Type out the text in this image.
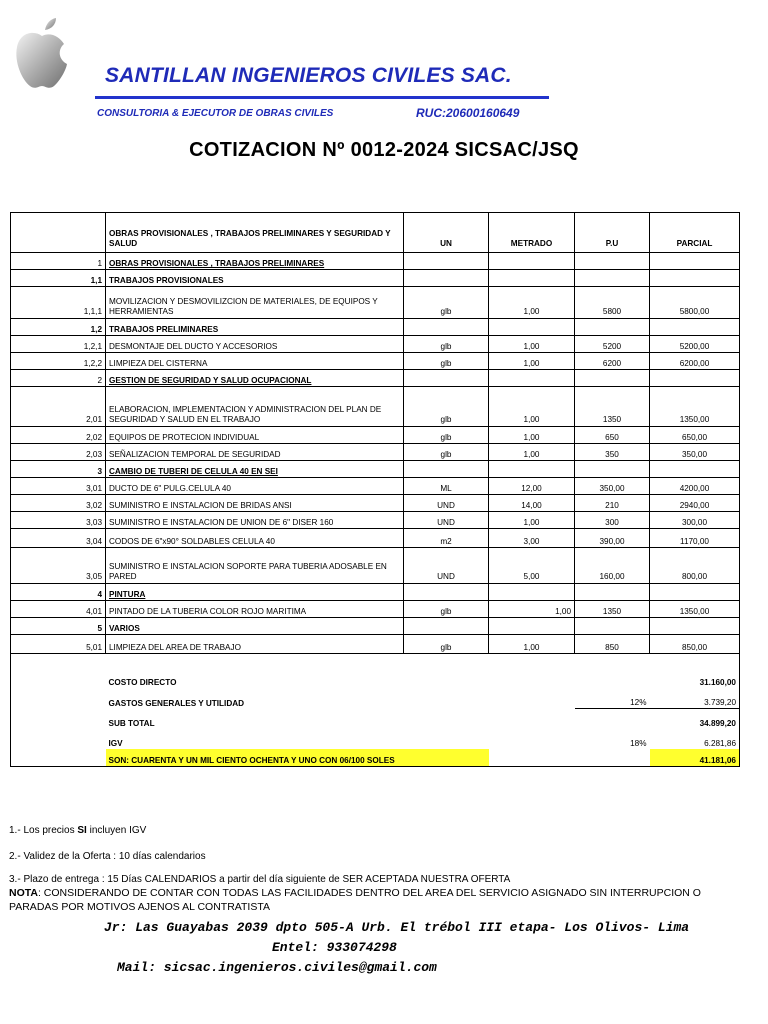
SANTILLAN INGENIEROS CIVILES SAC.
CONSULTORIA & EJECUTOR DE OBRAS CIVILES	RUC:20600160649
COTIZACION Nº 0012-2024 SICSAC/JSQ
	OBRAS PROVISIONALES , TRABAJOS PRELIMINARES Y SEGURIDAD Y SALUD	UN	METRADO	P.U	PARCIAL
1	OBRAS PROVISIONALES , TRABAJOS PRELIMINARES				
1,1	TRABAJOS PROVISIONALES				
1,1,1	MOVILIZACION Y DESMOVILIZCION DE MATERIALES, DE EQUIPOS Y HERRAMIENTAS	glb	1,00	5800	5800,00
1,2	TRABAJOS PRELIMINARES				
1,2,1	DESMONTAJE DEL DUCTO Y ACCESORIOS	glb	1,00	5200	5200,00
1,2,2	LIMPIEZA DEL CISTERNA	glb	1,00	6200	6200,00
2	GESTION DE SEGURIDAD Y SALUD OCUPACIONAL				
2,01	ELABORACION, IMPLEMENTACION Y ADMINISTRACION DEL PLAN DE SEGURIDAD Y SALUD EN EL TRABAJO	glb	1,00	1350	1350,00
2,02	EQUIPOS DE PROTECION INDIVIDUAL	glb	1,00	650	650,00
2,03	SEÑALIZACION TEMPORAL DE SEGURIDAD	glb	1,00	350	350,00
3	CAMBIO DE TUBERI DE CELULA 40 EN SEI				
3,01	DUCTO DE 6" PULG.CELULA 40	ML	12,00	350,00	4200,00
3,02	SUMINISTRO E INSTALACION DE BRIDAS ANSI	UND	14,00	210	2940,00
3,03	SUMINISTRO E INSTALACION DE UNION DE 6" DISER 160	UND	1,00	300	300,00
3,04	CODOS DE 6"x90° SOLDABLES CELULA 40	m2	3,00	390,00	1170,00
3,05	SUMINISTRO E INSTALACION SOPORTE PARA TUBERIA ADOSABLE EN PARED	UND	5,00	160,00	800,00
4	PINTURA				
4,01	PINTADO DE LA TUBERIA COLOR ROJO MARITIMA	glb	1,00	1350	1350,00
5	VARIOS				
5,01	LIMPIEZA DEL AREA DE TRABAJO	glb	1,00	850	850,00
	COSTO DIRECTO				31.160,00
	GASTOS GENERALES Y UTILIDAD			12%	3.739,20
	SUB TOTAL				34.899,20
	IGV			18%	6.281,86
	SON: CUARENTA Y UN MIL CIENTO OCHENTA Y UNO CON 06/100 SOLES				41.181,06
1.- Los precios SI incluyen IGV
2.- Validez de la Oferta : 10 días calendarios
3.- Plazo de entrega : 15 Días CALENDARIOS a partir del día siguiente de SER ACEPTADA NUESTRA OFERTA
NOTA: CONSIDERANDO DE CONTAR CON TODAS LAS FACILIDADES DENTRO DEL AREA DEL SERVICIO ASIGNADO SIN INTERRUPCION O PARADAS POR MOTIVOS AJENOS AL CONTRATISTA
Jr: Las Guayabas 2039 dpto 505-A Urb. El trébol III etapa- Los Olivos- Lima
Entel: 933074298
Mail: sicsac.ingenieros.civiles@gmail.com
